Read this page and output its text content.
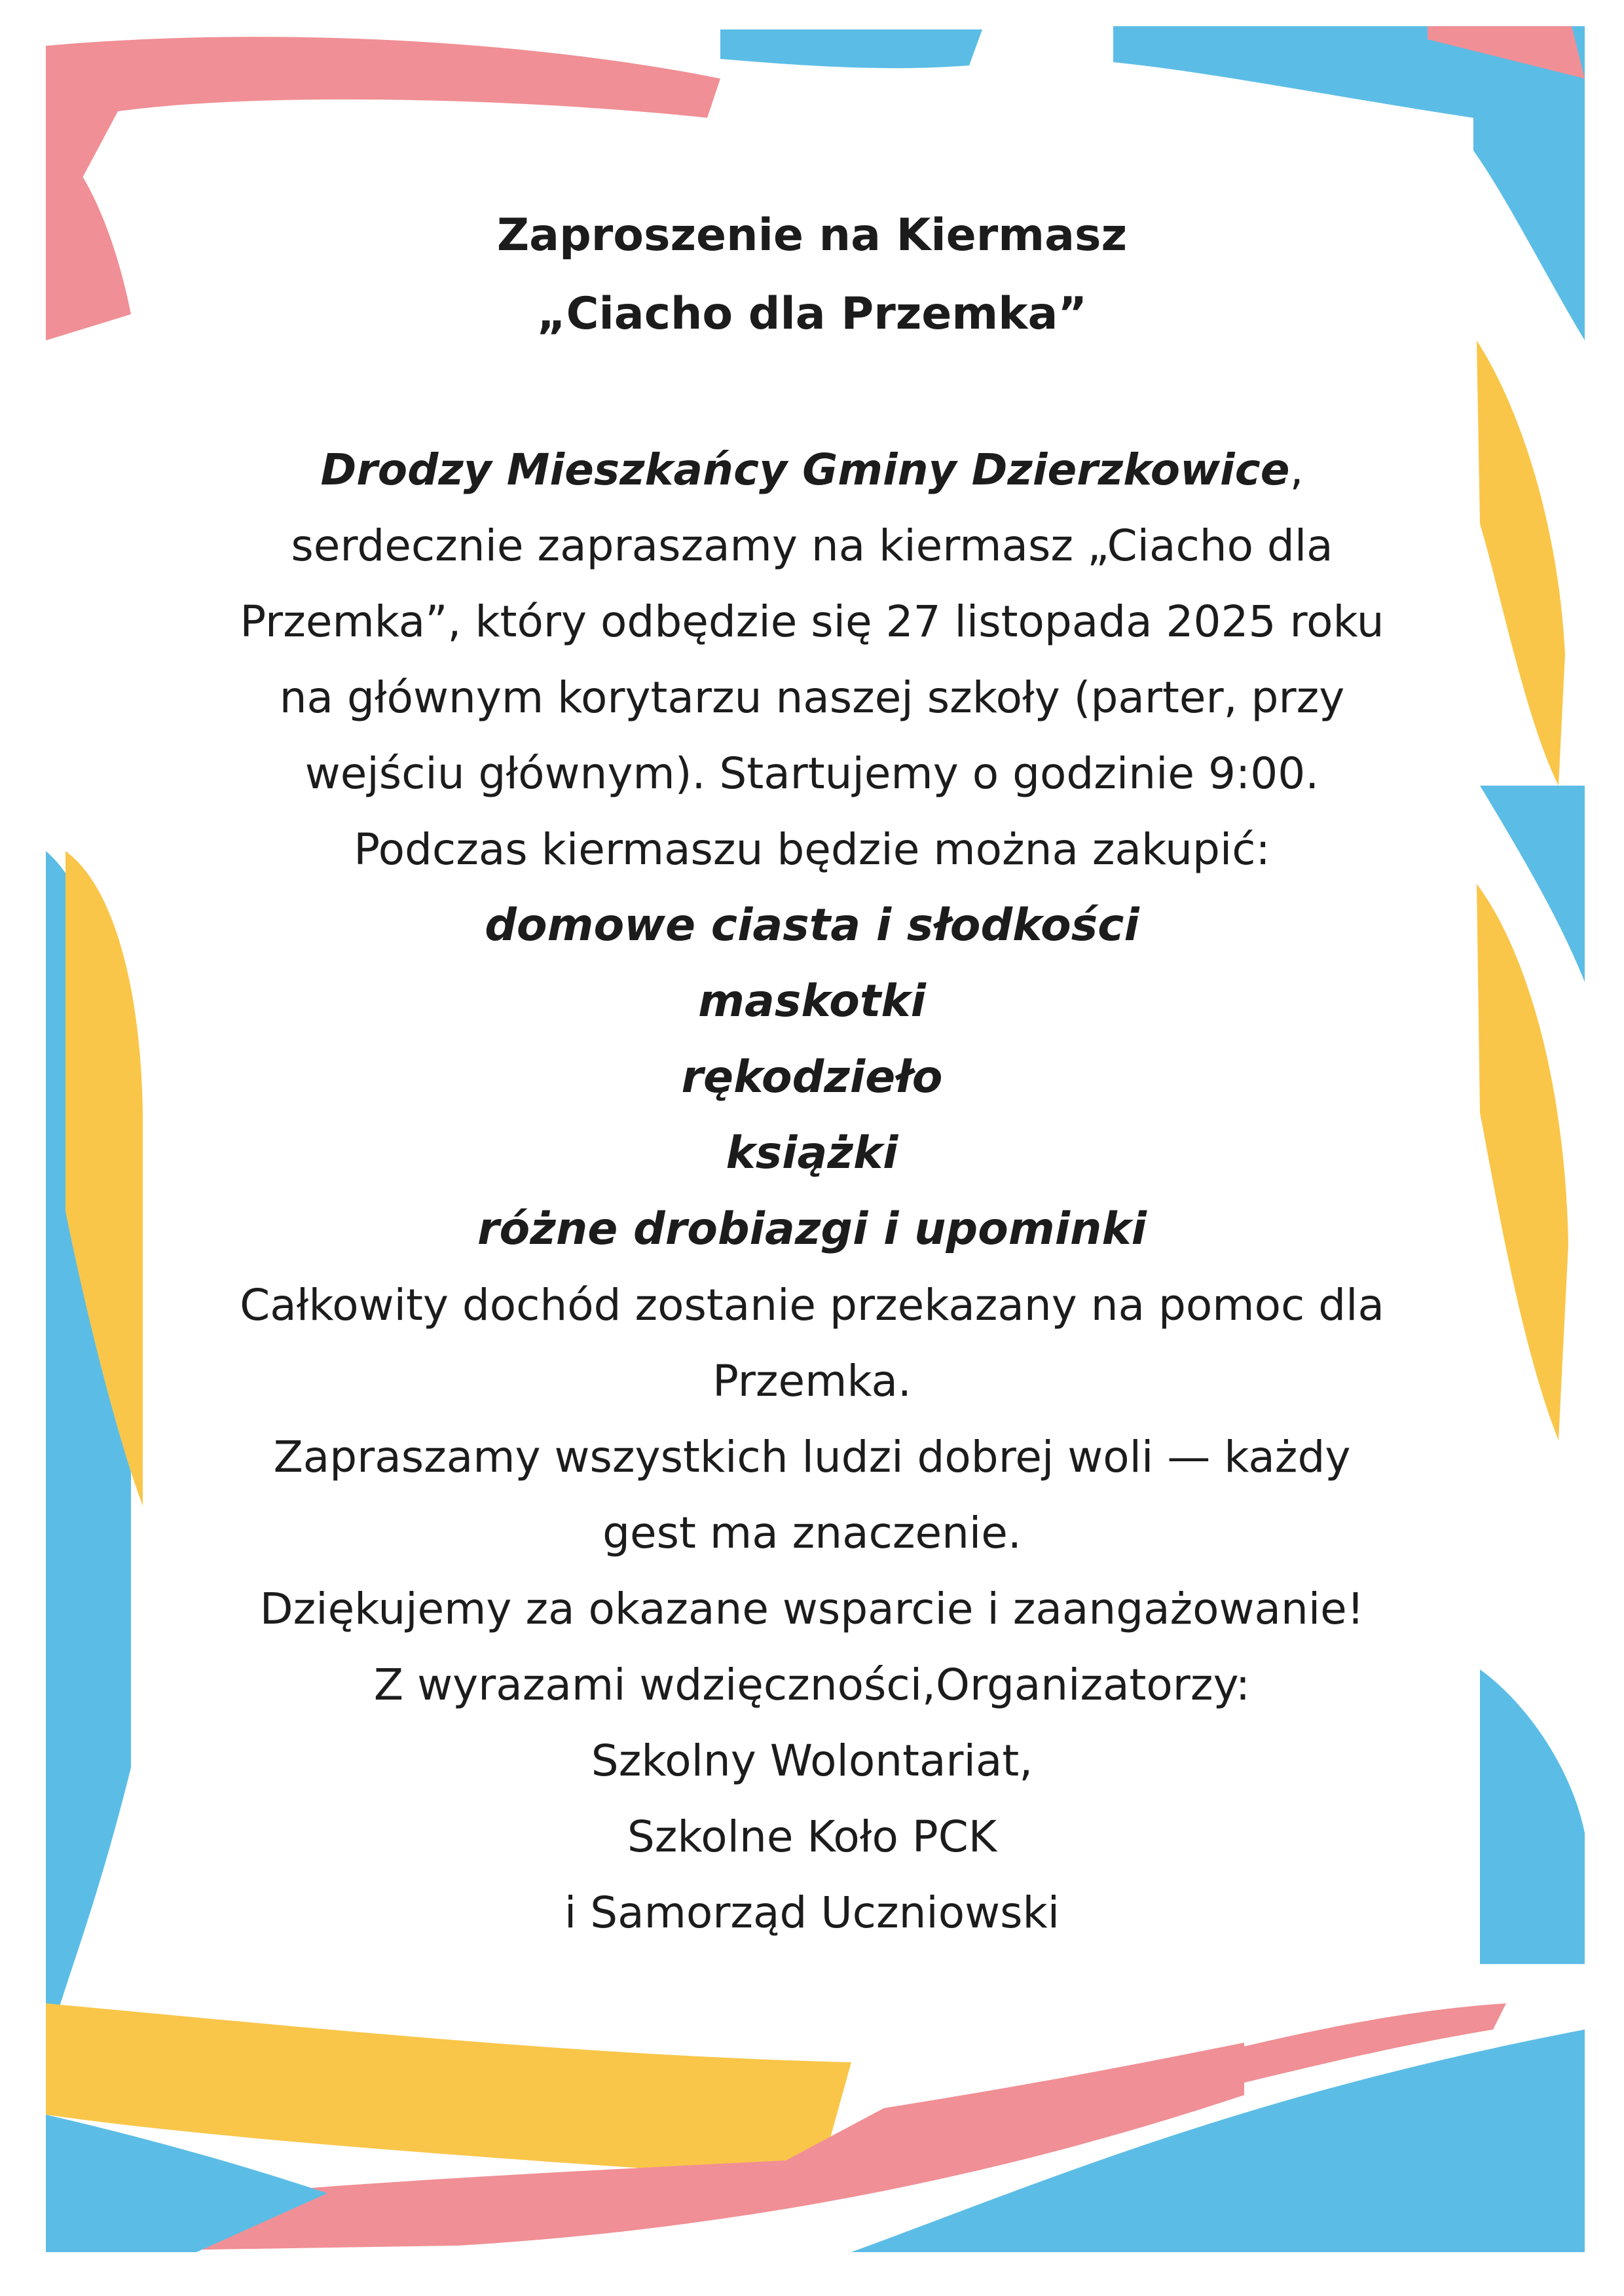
Zaproszenie na Kiermasz

„Ciacho dla Przemka”

Drodzy Mieszkańcy Gminy Dzierzkowice,

serdecznie zapraszamy na kiermasz „Ciacho dla

Przemka”, który odbędzie się 27 listopada 2025 roku

na głównym korytarzu naszej szkoły (parter, przy

wejściu głównym). Startujemy o godzinie 9:00.

Podczas kiermaszu będzie można zakupić:

domowe ciasta i słodkości

maskotki

rękodzieło

książki

różne drobiazgi i upominki

Całkowity dochód zostanie przekazany na pomoc dla

Przemka.

Zapraszamy wszystkich ludzi dobrej woli — każdy

gest ma znaczenie.

Dziękujemy za okazane wsparcie i zaangażowanie!

Z wyrazami wdzięczności,Organizatorzy:

Szkolny Wolontariat,

Szkolne Koło PCK

i Samorząd Uczniowski
